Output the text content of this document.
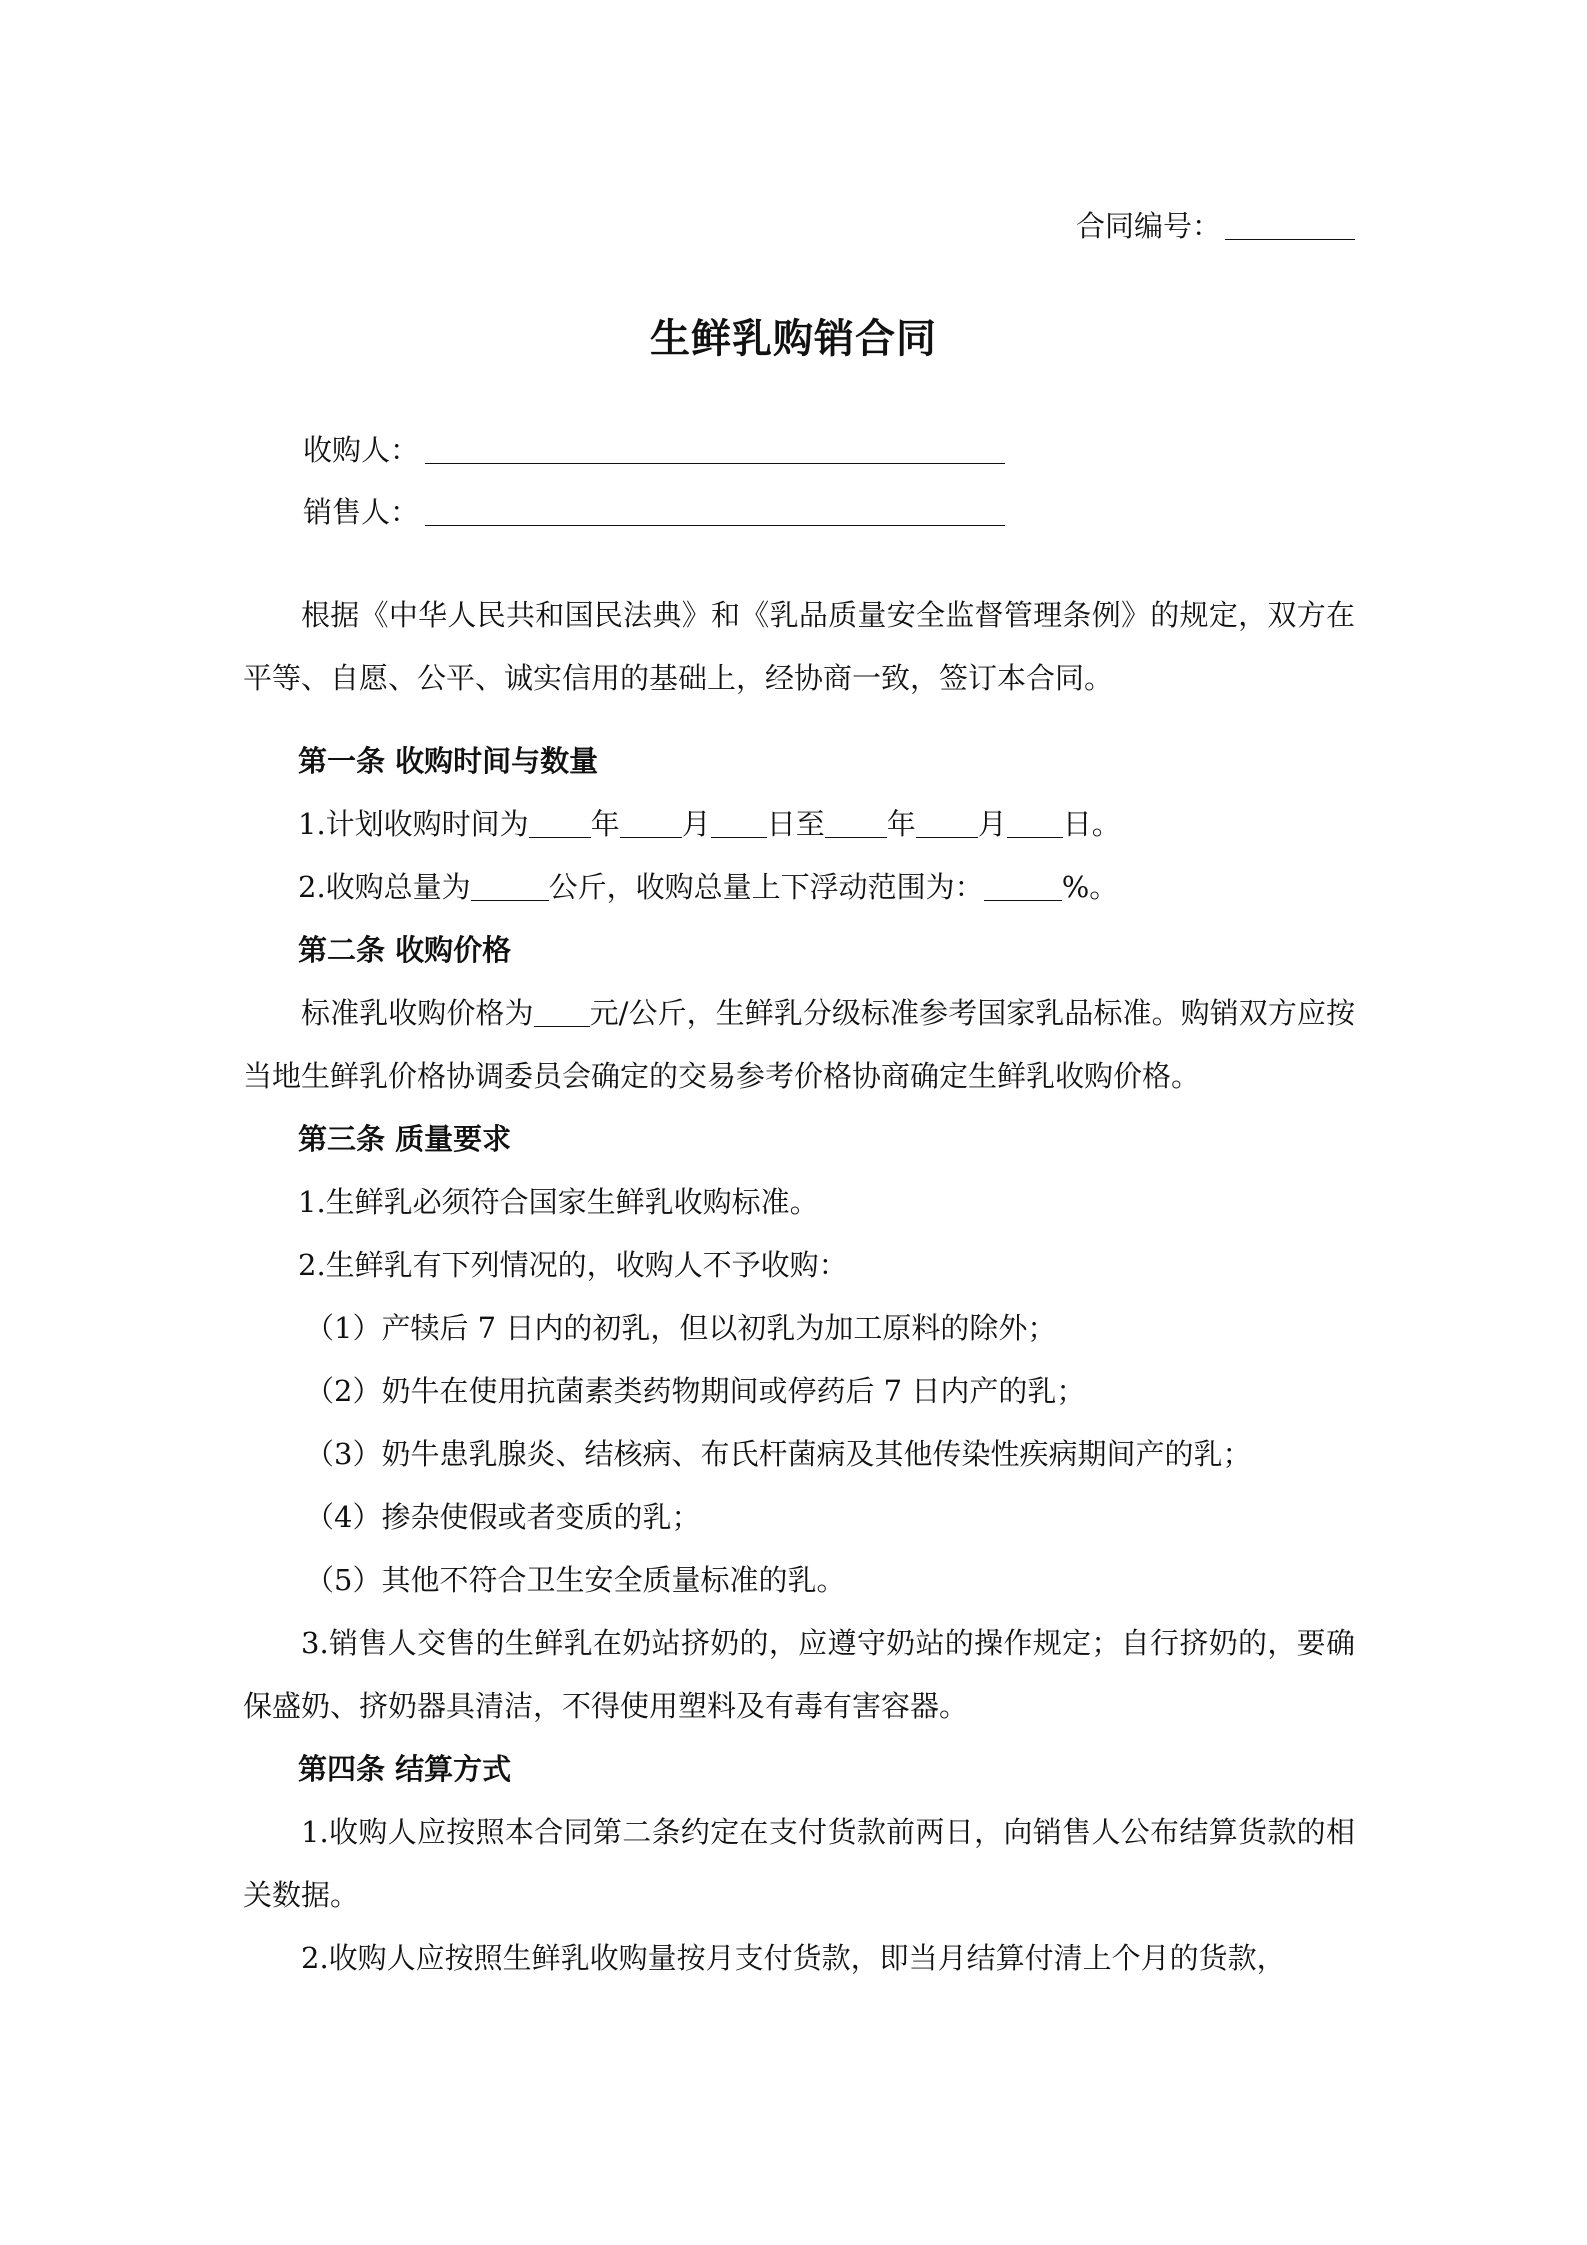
合同编号：
生鲜乳购销合同
收购人：
销售人：

根据《中华人民共和国民法典》和《乳品质量安全监督管理条例》的规定，双方在平等、自愿、公平、诚实信用的基础上，经协商一致，签订本合同。

第一条 收购时间与数量

1.计划收购时间为 年 月 日至 年 月 日。

2.收购总量为	公斤，收购总量上下浮动范围为：	%。

第二条 收购价格

标准乳收购价格为 元/公斤，生鲜乳分级标准参考国家乳品标准。购销双方应按当地生鲜乳价格协调委员会确定的交易参考价格协商确定生鲜乳收购价格。

第三条 质量要求

1.生鲜乳必须符合国家生鲜乳收购标准。

2.生鲜乳有下列情况的，收购人不予收购：

（1）产犊后 7 日内的初乳，但以初乳为加工原料的除外；

（2）奶牛在使用抗菌素类药物期间或停药后 7 日内产的乳；

（3）奶牛患乳腺炎、结核病、布氏杆菌病及其他传染性疾病期间产的乳；

（4）掺杂使假或者变质的乳；

（5）其他不符合卫生安全质量标准的乳。

3.销售人交售的生鲜乳在奶站挤奶的，应遵守奶站的操作规定；自行挤奶的，要确保盛奶、挤奶器具清洁，不得使用塑料及有毒有害容器。

第四条 结算方式

1.收购人应按照本合同第二条约定在支付货款前两日，向销售人公布结算货款的相关数据。

2.收购人应按照生鲜乳收购量按月支付货款，即当月结算付清上个月的货款，
